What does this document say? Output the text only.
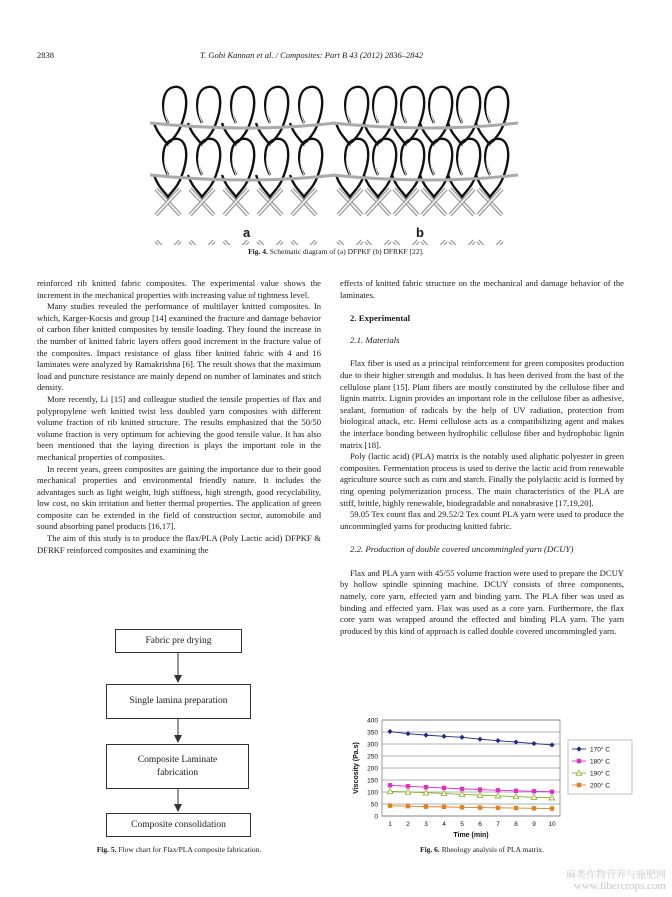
2838	T. Gobi Kannan et al. / Composites: Part B 43 (2012) 2836–2842
a	b
Fig. 4. Schematic diagram of (a) DFPKF (b) DFRKF [22].

reinforced rib knitted fabric composites. The experimental value shows the increment in the mechanical properties with increasing value of tightness level.

Many studies revealed the performance of multilayer knitted composites. In which, Karger-Kocsis and group [14] examined the fracture and damage behavior of carbon fiber knitted composites by tensile loading. They found the increase in the number of knitted fabric layers offers good increment in the fracture value of the composites. Impact resistance of glass fiber knitted fabric with 4 and 16 laminates were analyzed by Ramakrishna [6]. The result shows that the maximum load and puncture resistance are mainly depend on number of laminates and stitch density.

More recently, Li [15] and colleague studied the tensile properties of flax and polypropylene weft knitted twist less doubled yarn composites with different volume fraction of rib knitted structure. The results emphasized that the 50/50 volume fraction is very optimum for achieving the good tensile value. It has also been mentioned that the laying direction is plays the important role in the mechanical properties of composites.

In recent years, green composites are gaining the importance due to their good mechanical properties and environmental friendly nature. It includes the advantages such as light weight, high stiffness, high strength, good recyclability, low cost, no skin irritation and better thermal properties. The application of green composite can be extended in the field of construction sector, automobile and sound absorbing panel products [16,17].

The aim of this study is to produce the flax/PLA (Poly Lactic acid) DFPKF & DFRKF reinforced composites and examining the

effects of knitted fabric structure on the mechanical and damage behavior of the laminates.

2. Experimental

2.1. Materials

Flax fiber is used as a principal reinforcement for green composites production due to their higher strength and modulus. It has been derived from the bast of the cellulose plant [15]. Plant fibers are mostly constituted by the cellulose fiber and lignin matrix. Lignin provides an important role in the cellulose fiber as adhesive, sealant, formation of radicals by the help of UV radiation, protection from biological attack, etc. Hemi cellulose acts as a compatibilizing agent and makes the interface bonding between hydrophilic cellulose fiber and hydrophobic lignin matrix [18].

Poly (lactic acid) (PLA) matrix is the notably used aliphatic polyester in green composites. Fermentation process is used to derive the lactic acid from renewable agriculture source such as corn and starch. Finally the polylactic acid is formed by ring opening polymerization process. The main characteristics of the PLA are stiff, brittle, highly renewable, biodegradable and nonabrasive [17,19,20].

59.05 Tex count flax and 29.52/2 Tex count PLA yarn were used to produce the uncommingled yarns for producing knitted fabric.

2.2. Production of double covered uncommingled yarn (DCUY)

Flax and PLA yarn with 45/55 volume fraction were used to prepare the DCUY by hollow spindle spinning machine. DCUY consists of three components, namely, core yarn, effected yarn and binding yarn. The PLA fiber was used as binding and effected yarn. Flax was used as a core yarn. Furthermore, the flax core yarn was wrapped around the effected and binding PLA yarn. The yarn produced by this kind of approach is called double covered uncommingled yarn.

Fabric pre drying
Single lamina preparation
Composite Laminate fabrication
Composite consolidation
Fig. 5. Flow chart for Flax/PLA composite fabrication.
0
50
100
150
200
250
300
350
400
1 2 3 4 5 6 7 8 9 10
Time (min)
Viscosity (Pa.s)	170° C
180° C
190° C
200° C
Fig. 6. Rheology analysis of PLA matrix.
麻类作物营养与施肥网
www.fibercrops.com
